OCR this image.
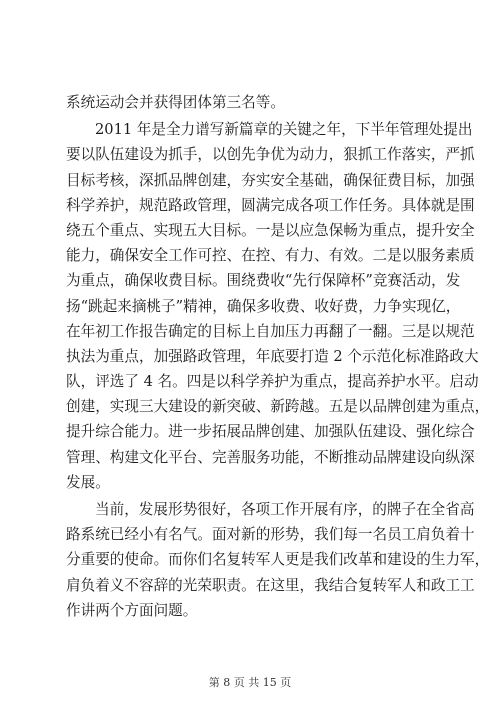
系统运动会并获得团体第三名等。
2011 年是全力谱写新篇章的关键之年，下半年管理处提出
要以队伍建设为抓手，以创先争优为动力，狠抓工作落实，严抓
目标考核，深抓品牌创建，夯实安全基础，确保征费目标，加强
科学养护，规范路政管理，圆满完成各项工作任务。具体就是围
绕五个重点、实现五大目标。一是以应急保畅为重点，提升安全
能力，确保安全工作可控、在控、有力、有效。二是以服务素质
为重点，确保收费目标。围绕费收“先行保障杯”竞赛活动，发
扬“跳起来摘桃子”精神，确保多收费、收好费，力争实现亿，
在年初工作报告确定的目标上自加压力再翻了一翻。三是以规范
执法为重点，加强路政管理，年底要打造 2 个示范化标准路政大
队，评选了 4 名。四是以科学养护为重点，提高养护水平。启动
创建，实现三大建设的新突破、新跨越。五是以品牌创建为重点，
提升综合能力。进一步拓展品牌创建、加强队伍建设、强化综合
管理、构建文化平台、完善服务功能，不断推动品牌建设向纵深
发展。
当前，发展形势很好，各项工作开展有序，的牌子在全省高
路系统已经小有名气。面对新的形势，我们每一名员工肩负着十
分重要的使命。而你们名复转军人更是我们改革和建设的生力军，
肩负着义不容辞的光荣职责。在这里，我结合复转军人和政工工
作讲两个方面问题。
第 8 页 共 15 页
